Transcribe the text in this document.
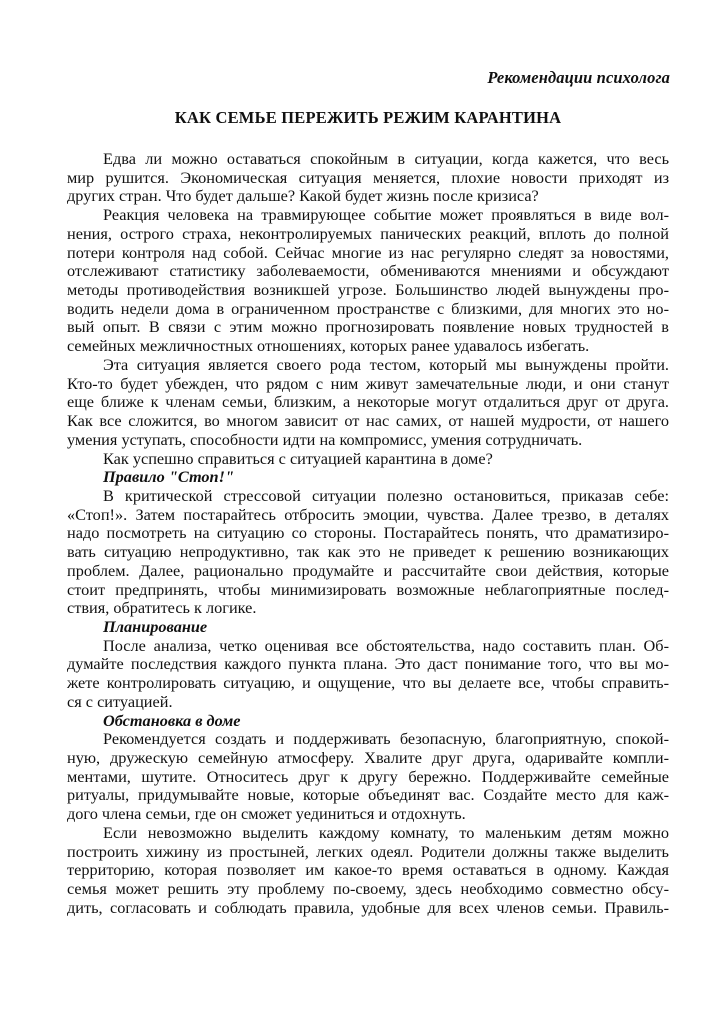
Рекомендации психолога
КАК СЕМЬЕ ПЕРЕЖИТЬ РЕЖИМ КАРАНТИНА
Едва ли можно оставаться спокойным в ситуации, когда кажется, что весь
мир рушится. Экономическая ситуация меняется, плохие новости приходят из
других стран. Что будет дальше? Какой будет жизнь после кризиса?
Реакция человека на травмирующее событие может проявляться в виде вол-
нения, острого страха, неконтролируемых панических реакций, вплоть до полной
потери контроля над собой. Сейчас многие из нас регулярно следят за новостями,
отслеживают статистику заболеваемости, обмениваются мнениями и обсуждают
методы противодействия возникшей угрозе. Большинство людей вынуждены про-
водить недели дома в ограниченном пространстве с близкими, для многих это но-
вый опыт. В связи с этим можно прогнозировать появление новых трудностей в
семейных межличностных отношениях, которых ранее удавалось избегать.
Эта ситуация является своего рода тестом, который мы вынуждены пройти.
Кто-то будет убежден, что рядом с ним живут замечательные люди, и они станут
еще ближе к членам семьи, близким, а некоторые могут отдалиться друг от друга.
Как все сложится, во многом зависит от нас самих, от нашей мудрости, от нашего
умения уступать, способности идти на компромисс, умения сотрудничать.
Как успешно справиться с ситуацией карантина в доме?
Правило "Стоп!"
В критической стрессовой ситуации полезно остановиться, приказав себе:
«Стоп!». Затем постарайтесь отбросить эмоции, чувства. Далее трезво, в деталях
надо посмотреть на ситуацию со стороны. Постарайтесь понять, что драматизиро-
вать ситуацию непродуктивно, так как это не приведет к решению возникающих
проблем. Далее, рационально продумайте и рассчитайте свои действия, которые
стоит предпринять, чтобы минимизировать возможные неблагоприятные послед-
ствия, обратитесь к логике.
Планирование
После анализа, четко оценивая все обстоятельства, надо составить план. Об-
думайте последствия каждого пункта плана. Это даст понимание того, что вы мо-
жете контролировать ситуацию, и ощущение, что вы делаете все, чтобы справить-
ся с ситуацией.
Обстановка в доме
Рекомендуется создать и поддерживать безопасную, благоприятную, спокой-
ную, дружескую семейную атмосферу. Хвалите друг друга, одаривайте компли-
ментами, шутите. Относитесь друг к другу бережно. Поддерживайте семейные
ритуалы, придумывайте новые, которые объединят вас. Создайте место для каж-
дого члена семьи, где он сможет уединиться и отдохнуть.
Если невозможно выделить каждому комнату, то маленьким детям можно
построить хижину из простыней, легких одеял. Родители должны также выделить
территорию, которая позволяет им какое-то время оставаться в одному. Каждая
семья может решить эту проблему по-своему, здесь необходимо совместно обсу-
дить, согласовать и соблюдать правила, удобные для всех членов семьи. Правиль-
